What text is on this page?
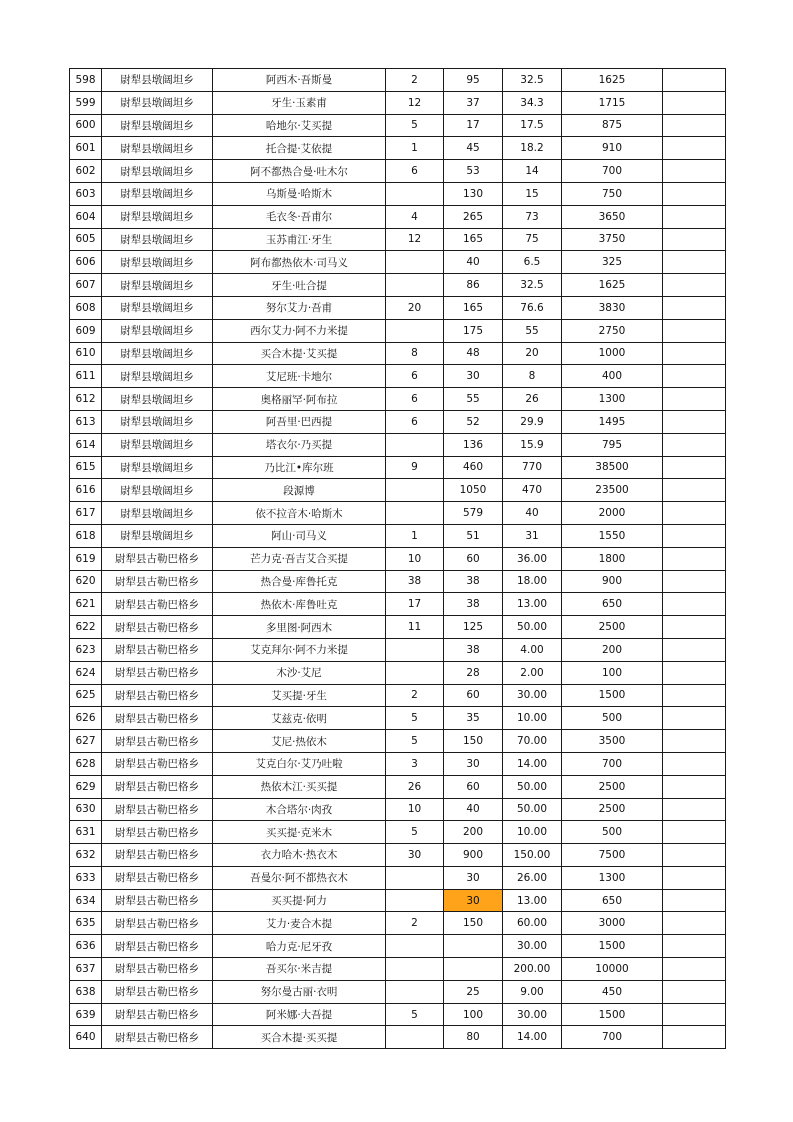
598	尉犁县墩阔坦乡	阿西木·吾斯曼	2	95	32.5	1625	
599	尉犁县墩阔坦乡	牙生·玉素甫	12	37	34.3	1715	
600	尉犁县墩阔坦乡	哈地尔·艾买提	5	17	17.5	875	
601	尉犁县墩阔坦乡	托合提·艾依提	1	45	18.2	910	
602	尉犁县墩阔坦乡	阿不都热合曼·吐木尔	6	53	14	700	
603	尉犁县墩阔坦乡	乌斯曼·哈斯木		130	15	750	
604	尉犁县墩阔坦乡	毛衣冬·吾甫尔	4	265	73	3650	
605	尉犁县墩阔坦乡	玉苏甫江·牙生	12	165	75	3750	
606	尉犁县墩阔坦乡	阿布都热依木·司马义		40	6.5	325	
607	尉犁县墩阔坦乡	牙生·吐合提		86	32.5	1625	
608	尉犁县墩阔坦乡	努尔艾力·吾甫	20	165	76.6	3830	
609	尉犁县墩阔坦乡	西尔艾力·阿不力米提		175	55	2750	
610	尉犁县墩阔坦乡	买合木提·艾买提	8	48	20	1000	
611	尉犁县墩阔坦乡	艾尼班·卡地尔	6	30	8	400	
612	尉犁县墩阔坦乡	奥格丽罕·阿布拉	6	55	26	1300	
613	尉犁县墩阔坦乡	阿吾里·巴西提	6	52	29.9	1495	
614	尉犁县墩阔坦乡	塔衣尔·乃买提		136	15.9	795	
615	尉犁县墩阔坦乡	乃比江•库尔班	9	460	770	38500	
616	尉犁县墩阔坦乡	段源博		1050	470	23500	
617	尉犁县墩阔坦乡	依不拉音木·哈斯木		579	40	2000	
618	尉犁县墩阔坦乡	阿山·司马义	1	51	31	1550	
619	尉犁县古勒巴格乡	芒力克·吾吉艾合买提	10	60	36.00	1800	
620	尉犁县古勒巴格乡	热合曼·库鲁托克	38	38	18.00	900	
621	尉犁县古勒巴格乡	热依木·库鲁吐克	17	38	13.00	650	
622	尉犁县古勒巴格乡	多里图·阿西木	11	125	50.00	2500	
623	尉犁县古勒巴格乡	艾克拜尔·阿不力米提		38	4.00	200	
624	尉犁县古勒巴格乡	木沙·艾尼		28	2.00	100	
625	尉犁县古勒巴格乡	艾买提·牙生	2	60	30.00	1500	
626	尉犁县古勒巴格乡	艾兹克·依明	5	35	10.00	500	
627	尉犁县古勒巴格乡	艾尼·热依木	5	150	70.00	3500	
628	尉犁县古勒巴格乡	艾克白尔·艾乃吐啦	3	30	14.00	700	
629	尉犁县古勒巴格乡	热依木江·买买提	26	60	50.00	2500	
630	尉犁县古勒巴格乡	木合塔尔·肉孜	10	40	50.00	2500	
631	尉犁县古勒巴格乡	买买提·克米木	5	200	10.00	500	
632	尉犁县古勒巴格乡	衣力哈木·热衣木	30	900	150.00	7500	
633	尉犁县古勒巴格乡	吾曼尔·阿不都热衣木		30	26.00	1300	
634	尉犁县古勒巴格乡	买买提·阿力		30	13.00	650	
635	尉犁县古勒巴格乡	艾力·麦合木提	2	150	60.00	3000	
636	尉犁县古勒巴格乡	哈力克·尼牙孜			30.00	1500	
637	尉犁县古勒巴格乡	吾买尔·米吉提			200.00	10000	
638	尉犁县古勒巴格乡	努尔曼古丽·衣明		25	9.00	450	
639	尉犁县古勒巴格乡	阿米娜·大吾提	5	100	30.00	1500	
640	尉犁县古勒巴格乡	买合木提·买买提		80	14.00	700	
